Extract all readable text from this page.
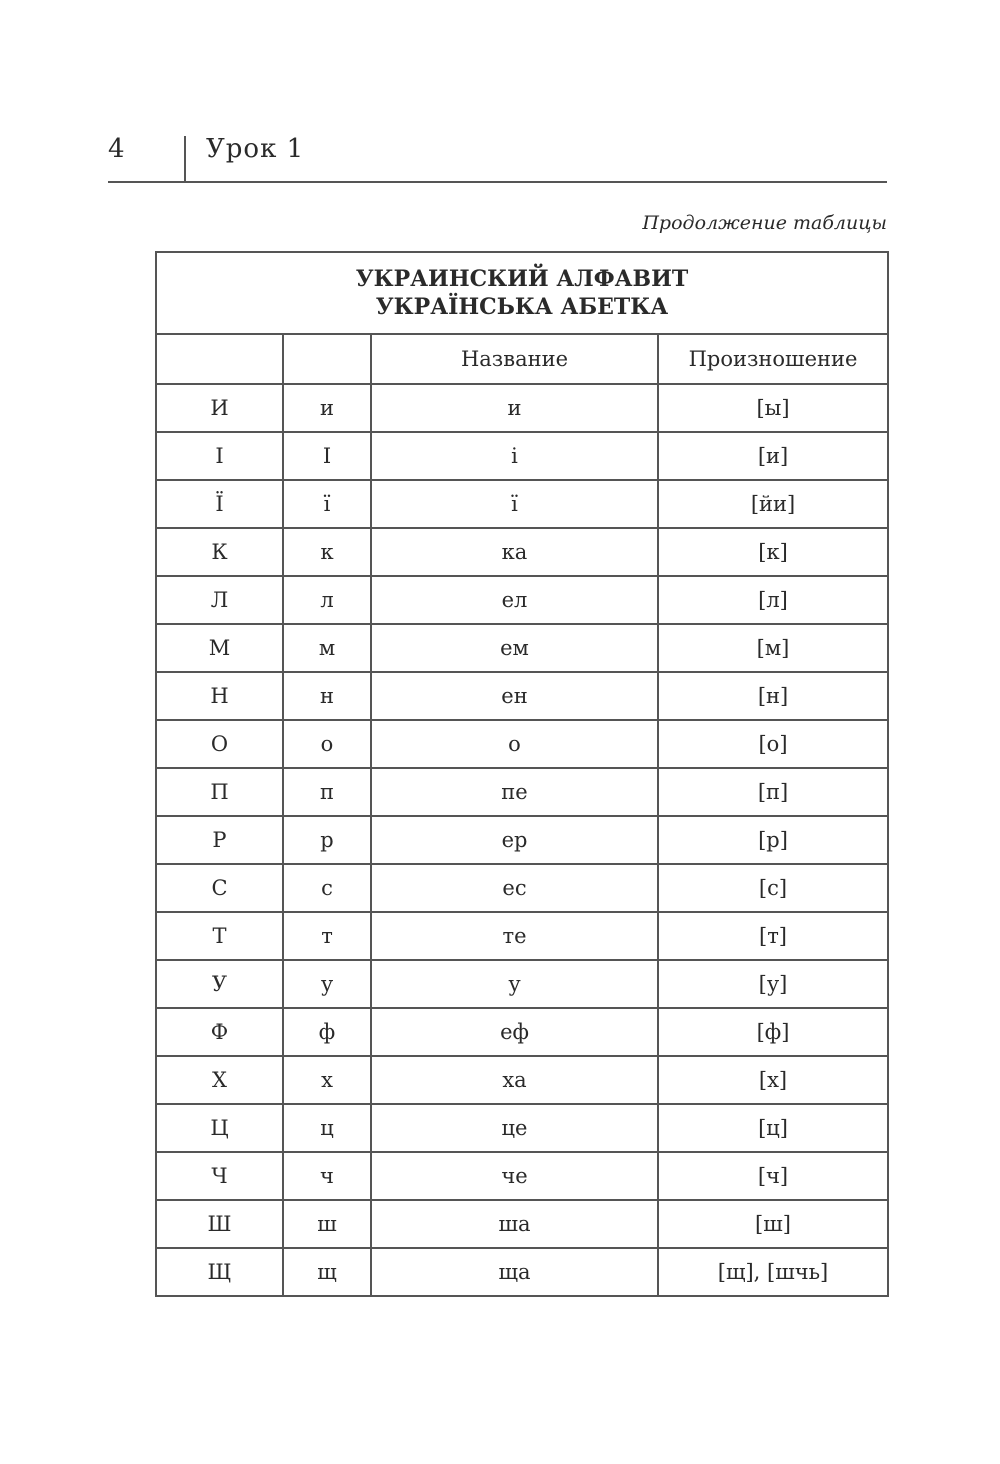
4	Урок 1
Продолжение таблицы
УКРАИНСКИЙ АЛФАВИТ
УКРАЇНСЬКА АБЕТКА			

		Название	Произношение
И	и	и	[ы]
І	І	і	[и]
Ї	ї	ї	[йи]
К	к	ка	[к]
Л	л	ел	[л]
М	м	ем	[м]
Н	н	ен	[н]
О	о	о	[о]
П	п	пе	[п]
Р	р	ер	[р]
С	с	ес	[с]
Т	т	те	[т]
У	у	у	[у]
Ф	ф	еф	[ф]
Х	х	ха	[х]
Ц	ц	це	[ц]
Ч	ч	че	[ч]
Ш	ш	ша	[ш]
Щ	щ	ща	[щ], [шчь]
